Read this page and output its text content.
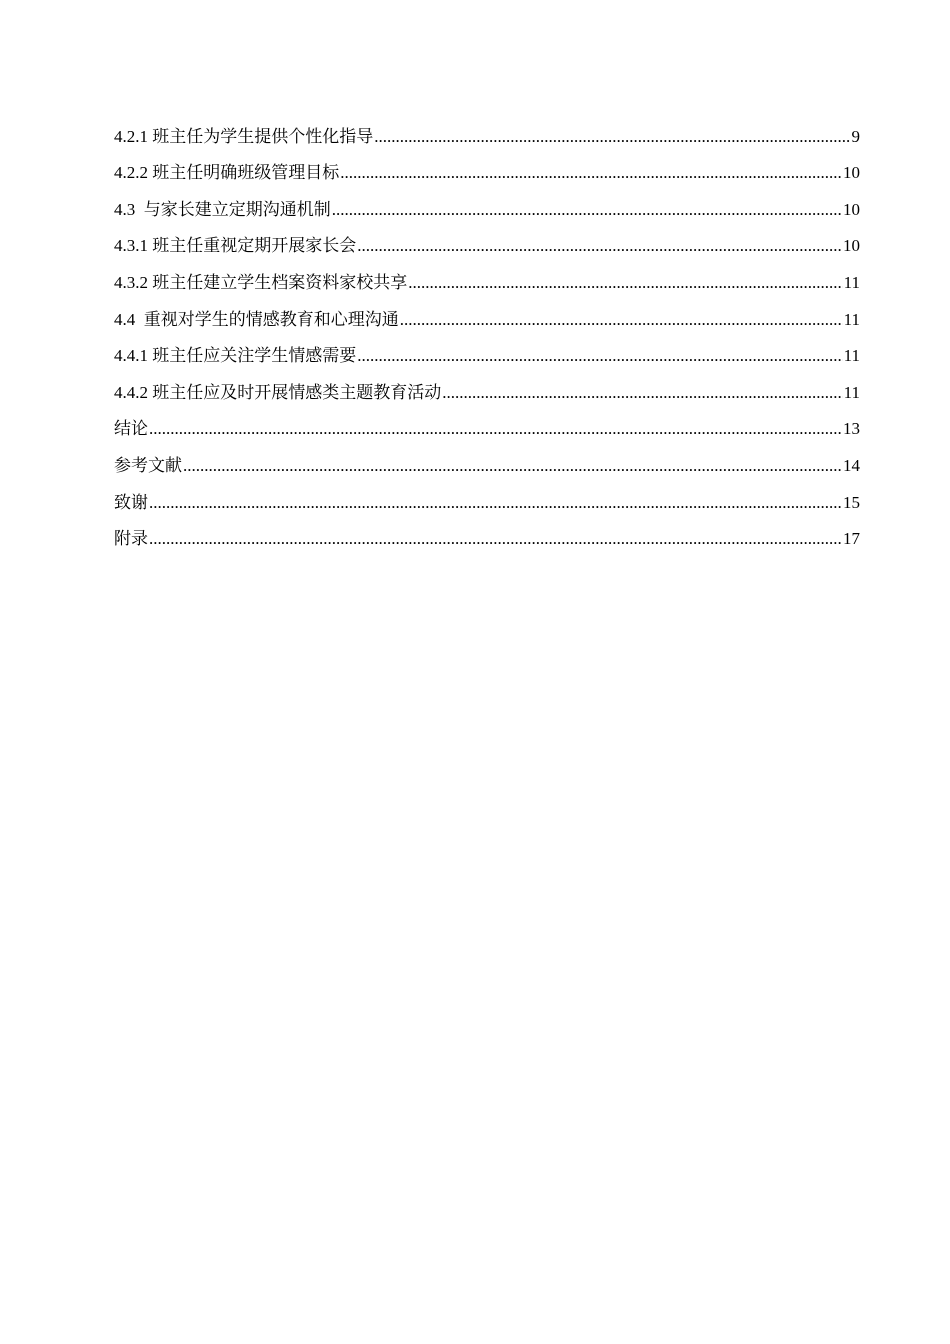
4.2.1 班主任为学生提供个性化指导 .....	9
4.2.2 班主任明确班级管理目标 .....	10
4.3  与家长建立定期沟通机制 .....	10
4.3.1 班主任重视定期开展家长会 .....	10
4.3.2 班主任建立学生档案资料家校共享 .....	11
4.4  重视对学生的情感教育和心理沟通 .....	11
4.4.1 班主任应关注学生情感需要 .....	11
4.4.2 班主任应及时开展情感类主题教育活动 .....	11
结论 .....	13
参考文献 .....	14
致谢 .....	15
附录 .....	17
